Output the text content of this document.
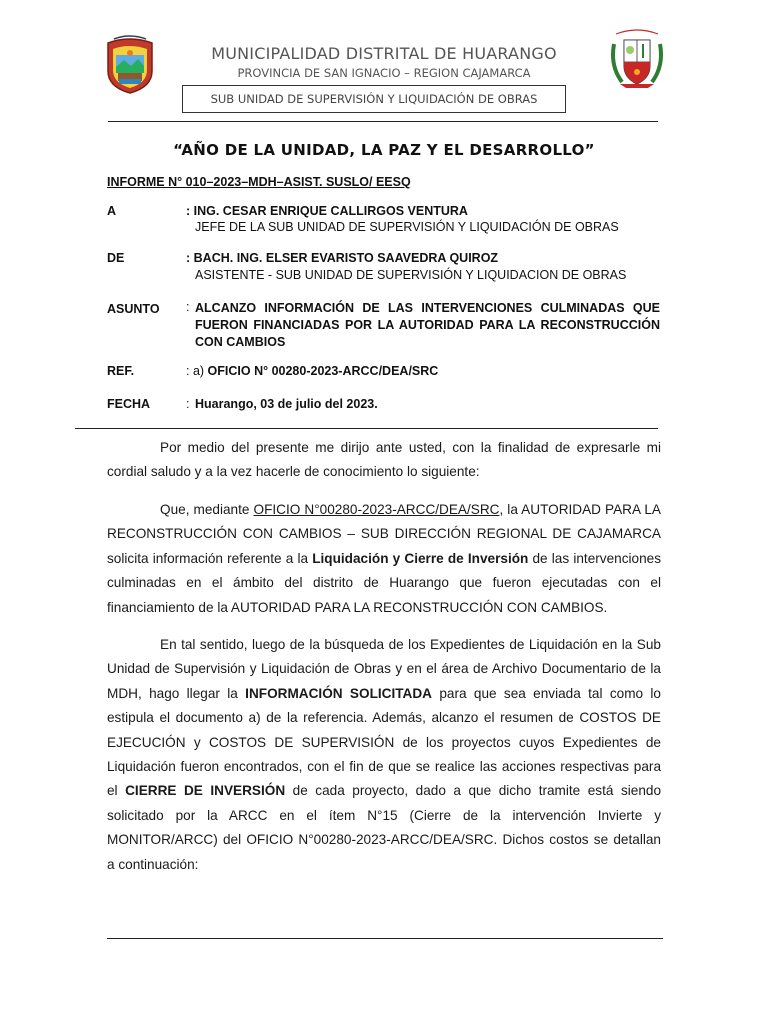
MUNICIPALIDAD DISTRITAL DE HUARANGO
PROVINCIA DE SAN IGNACIO – REGION CAJAMARCA
SUB UNIDAD DE SUPERVISIÓN Y LIQUIDACIÓN DE OBRAS
“AÑO DE LA UNIDAD, LA PAZ Y EL DESARROLLO”
INFORME N° 010–2023–MDH–ASIST. SUSLO/ EESQ
A	: ING. CESAR ENRIQUE CALLIRGOS VENTURA
JEFE DE LA SUB UNIDAD DE SUPERVISIÓN Y LIQUIDACIÓN DE OBRAS
DE	: BACH. ING. ELSER EVARISTO SAAVEDRA QUIROZ
ASISTENTE - SUB UNIDAD DE SUPERVISIÓN Y LIQUIDACION DE OBRAS
ASUNTO : ALCANZO INFORMACIÓN DE LAS INTERVENCIONES CULMINADAS QUE FUERON FINANCIADAS POR LA AUTORIDAD PARA LA RECONSTRUCCIÓN CON CAMBIOS
REF.	: a) OFICIO N° 00280-2023-ARCC/DEA/SRC
FECHA	: Huarango, 03 de julio del 2023.

Por medio del presente me dirijo ante usted, con la finalidad de expresarle mi cordial saludo y a la vez hacerle de conocimiento lo siguiente:

Que, mediante OFICIO N°00280-2023-ARCC/DEA/SRC, la AUTORIDAD PARA LA RECONSTRUCCIÓN CON CAMBIOS – SUB DIRECCIÓN REGIONAL DE CAJAMARCA solicita información referente a la Liquidación y Cierre de Inversión de las intervenciones culminadas en el ámbito del distrito de Huarango que fueron ejecutadas con el financiamiento de la AUTORIDAD PARA LA RECONSTRUCCIÓN CON CAMBIOS.

En tal sentido, luego de la búsqueda de los Expedientes de Liquidación en la Sub Unidad de Supervisión y Liquidación de Obras y en el área de Archivo Documentario de la MDH, hago llegar la INFORMACIÓN SOLICITADA para que sea enviada tal como lo estipula el documento a) de la referencia. Además, alcanzo el resumen de COSTOS DE EJECUCIÓN y COSTOS DE SUPERVISIÓN de los proyectos cuyos Expedientes de Liquidación fueron encontrados, con el fin de que se realice las acciones respectivas para el CIERRE DE INVERSIÓN de cada proyecto, dado a que dicho tramite está siendo solicitado por la ARCC en el ítem N°15 (Cierre de la intervención Invierte y MONITOR/ARCC) del OFICIO N°00280-2023-ARCC/DEA/SRC. Dichos costos se detallan a continuación:
